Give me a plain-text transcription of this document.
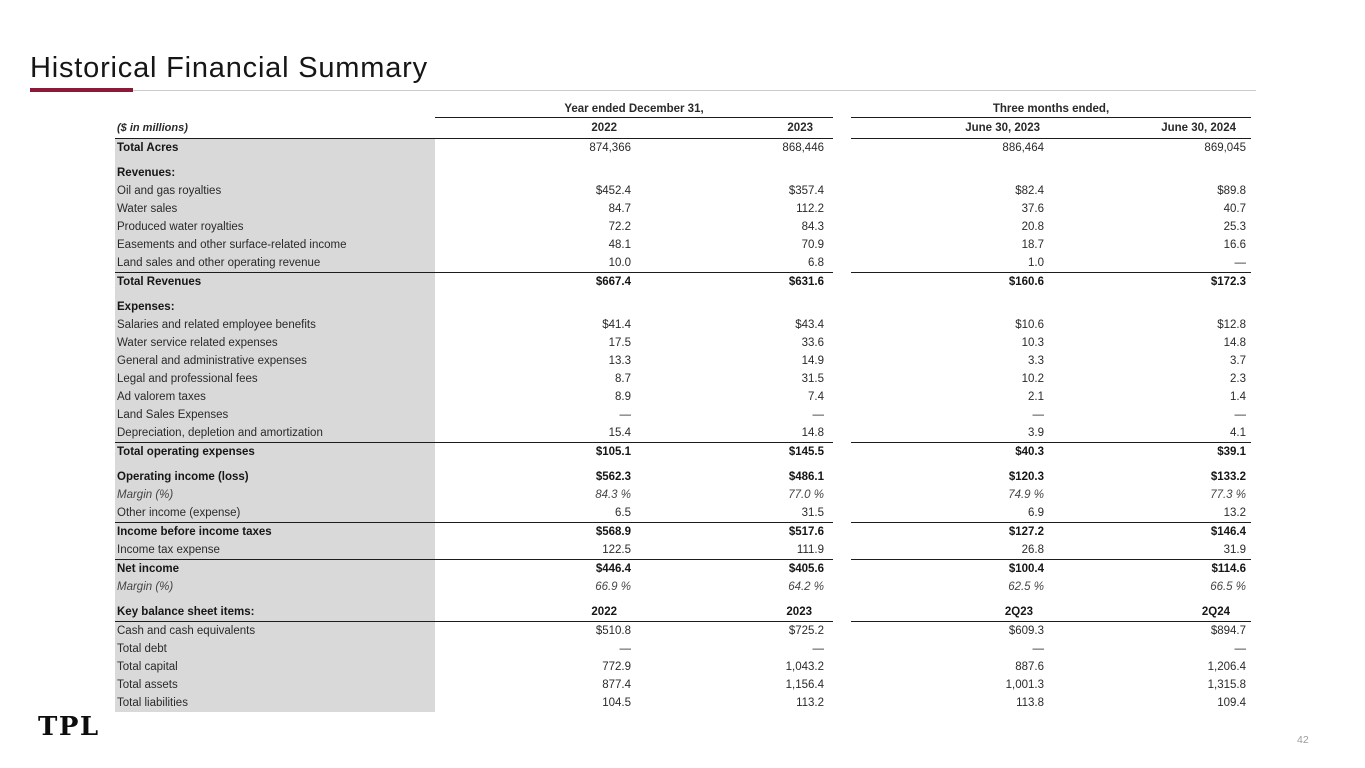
Historical Financial Summary
Year ended December 31,	Three months ended,
($ in millions)	2022	2023	June 30, 2023	June 30, 2024
Total Acres	874,366	868,446	886,464	869,045
Revenues:
Oil and gas royalties	$452.4	$357.4	$82.4	$89.8
Water sales	84.7	112.2	37.6	40.7
Produced water royalties	72.2	84.3	20.8	25.3
Easements and other surface-related income	48.1	70.9	18.7	16.6
Land sales and other operating revenue	10.0	6.8	1.0	—
Total Revenues	$667.4	$631.6	$160.6	$172.3
Expenses:
Salaries and related employee benefits	$41.4	$43.4	$10.6	$12.8
Water service related expenses	17.5	33.6	10.3	14.8
General and administrative expenses	13.3	14.9	3.3	3.7
Legal and professional fees	8.7	31.5	10.2	2.3
Ad valorem taxes	8.9	7.4	2.1	1.4
Land Sales Expenses	—	—	—	—
Depreciation, depletion and amortization	15.4	14.8	3.9	4.1
Total operating expenses	$105.1	$145.5	$40.3	$39.1
Operating income (loss)	$562.3	$486.1	$120.3	$133.2
Margin (%)	84.3 %	77.0 %	74.9 %	77.3 %
Other income (expense)	6.5	31.5	6.9	13.2
Income before income taxes	$568.9	$517.6	$127.2	$146.4
Income tax expense	122.5	111.9	26.8	31.9
Net income	$446.4	$405.6	$100.4	$114.6
Margin (%)	66.9 %	64.2 %	62.5 %	66.5 %
Key balance sheet items:	2022	2023	2Q23	2Q24
Cash and cash equivalents	$510.8	$725.2	$609.3	$894.7
Total debt	—	—	—	—
Total capital	772.9	1,043.2	887.6	1,206.4
Total assets	877.4	1,156.4	1,001.3	1,315.8
Total liabilities	104.5	113.2	113.8	109.4
TPL	42
